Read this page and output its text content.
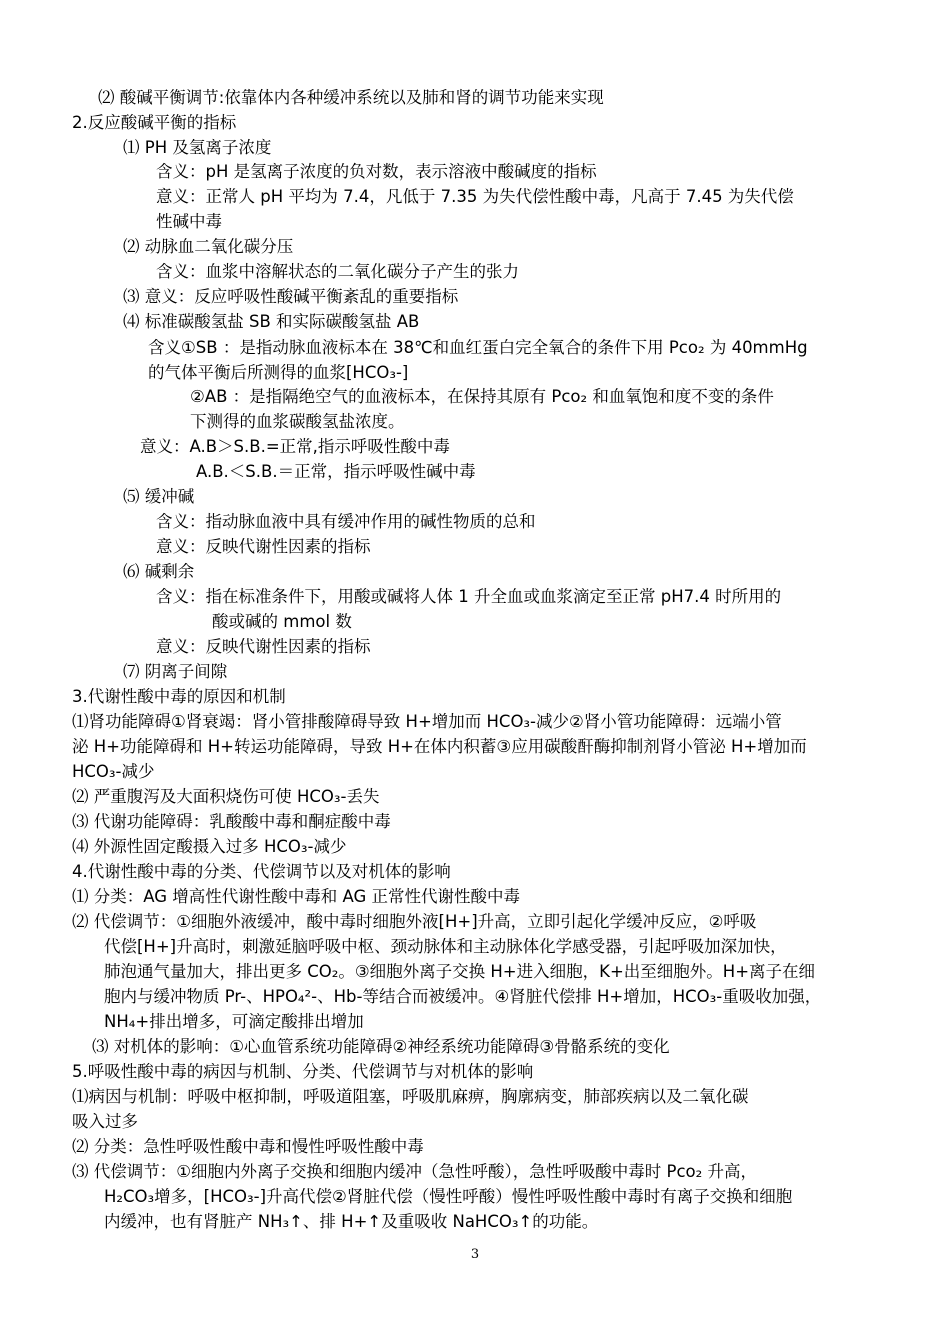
⑵ 酸碱平衡调节:依靠体内各种缓冲系统以及肺和肾的调节功能来实现
2.反应酸碱平衡的指标
⑴ PH 及氢离子浓度
含义：pH 是氢离子浓度的负对数，表示溶液中酸碱度的指标
意义：正常人 pH 平均为 7.4，凡低于 7.35 为失代偿性酸中毒，凡高于 7.45 为失代偿
性碱中毒
⑵ 动脉血二氧化碳分压
含义：血浆中溶解状态的二氧化碳分子产生的张力
⑶ 意义：反应呼吸性酸碱平衡紊乱的重要指标
⑷ 标准碳酸氢盐 SB 和实际碳酸氢盐 AB
含义①SB ：是指动脉血液标本在 38℃和血红蛋白完全氧合的条件下用 Pco₂ 为 40mmHg
的气体平衡后所测得的血浆[HCO₃-]
②AB ：是指隔绝空气的血液标本，在保持其原有 Pco₂ 和血氧饱和度不变的条件
下测得的血浆碳酸氢盐浓度。
意义：A.B＞S.B.=正常,指示呼吸性酸中毒
A.B.＜S.B.＝正常，指示呼吸性碱中毒
⑸ 缓冲碱
含义：指动脉血液中具有缓冲作用的碱性物质的总和
意义：反映代谢性因素的指标
⑹ 碱剩余
含义：指在标准条件下，用酸或碱将人体 1 升全血或血浆滴定至正常 pH7.4 时所用的
酸或碱的 mmol 数
意义：反映代谢性因素的指标
⑺ 阴离子间隙
3.代谢性酸中毒的原因和机制
⑴肾功能障碍①肾衰竭：肾小管排酸障碍导致 H+增加而 HCO₃-减少②肾小管功能障碍：远端小管
泌 H+功能障碍和 H+转运功能障碍，导致 H+在体内积蓄③应用碳酸酐酶抑制剂肾小管泌 H+增加而
HCO₃-减少
⑵ 严重腹泻及大面积烧伤可使 HCO₃-丢失
⑶ 代谢功能障碍：乳酸酸中毒和酮症酸中毒
⑷ 外源性固定酸摄入过多 HCO₃-减少
4.代谢性酸中毒的分类、代偿调节以及对机体的影响
⑴ 分类：AG 增高性代谢性酸中毒和 AG 正常性代谢性酸中毒
⑵ 代偿调节：①细胞外液缓冲，酸中毒时细胞外液[H+]升高，立即引起化学缓冲反应，②呼吸
代偿[H+]升高时，刺激延脑呼吸中枢、颈动脉体和主动脉体化学感受器，引起呼吸加深加快，
肺泡通气量加大，排出更多 CO₂。③细胞外离子交换 H+进入细胞，K+出至细胞外。H+离子在细
胞内与缓冲物质 Pr-、HPO₄²-、Hb-等结合而被缓冲。④肾脏代偿排 H+增加，HCO₃-重吸收加强，
NH₄+排出增多，可滴定酸排出增加
⑶ 对机体的影响：①心血管系统功能障碍②神经系统功能障碍③骨骼系统的变化
5.呼吸性酸中毒的病因与机制、分类、代偿调节与对机体的影响
⑴病因与机制：呼吸中枢抑制，呼吸道阻塞，呼吸肌麻痹，胸廓病变，肺部疾病以及二氧化碳
吸入过多
⑵ 分类：急性呼吸性酸中毒和慢性呼吸性酸中毒
⑶ 代偿调节：①细胞内外离子交换和细胞内缓冲（急性呼酸），急性呼吸酸中毒时 Pco₂ 升高，
H₂CO₃增多，[HCO₃-]升高代偿②肾脏代偿（慢性呼酸）慢性呼吸性酸中毒时有离子交换和细胞
内缓冲，也有肾脏产 NH₃↑、排 H+↑及重吸收 NaHCO₃↑的功能。
3
